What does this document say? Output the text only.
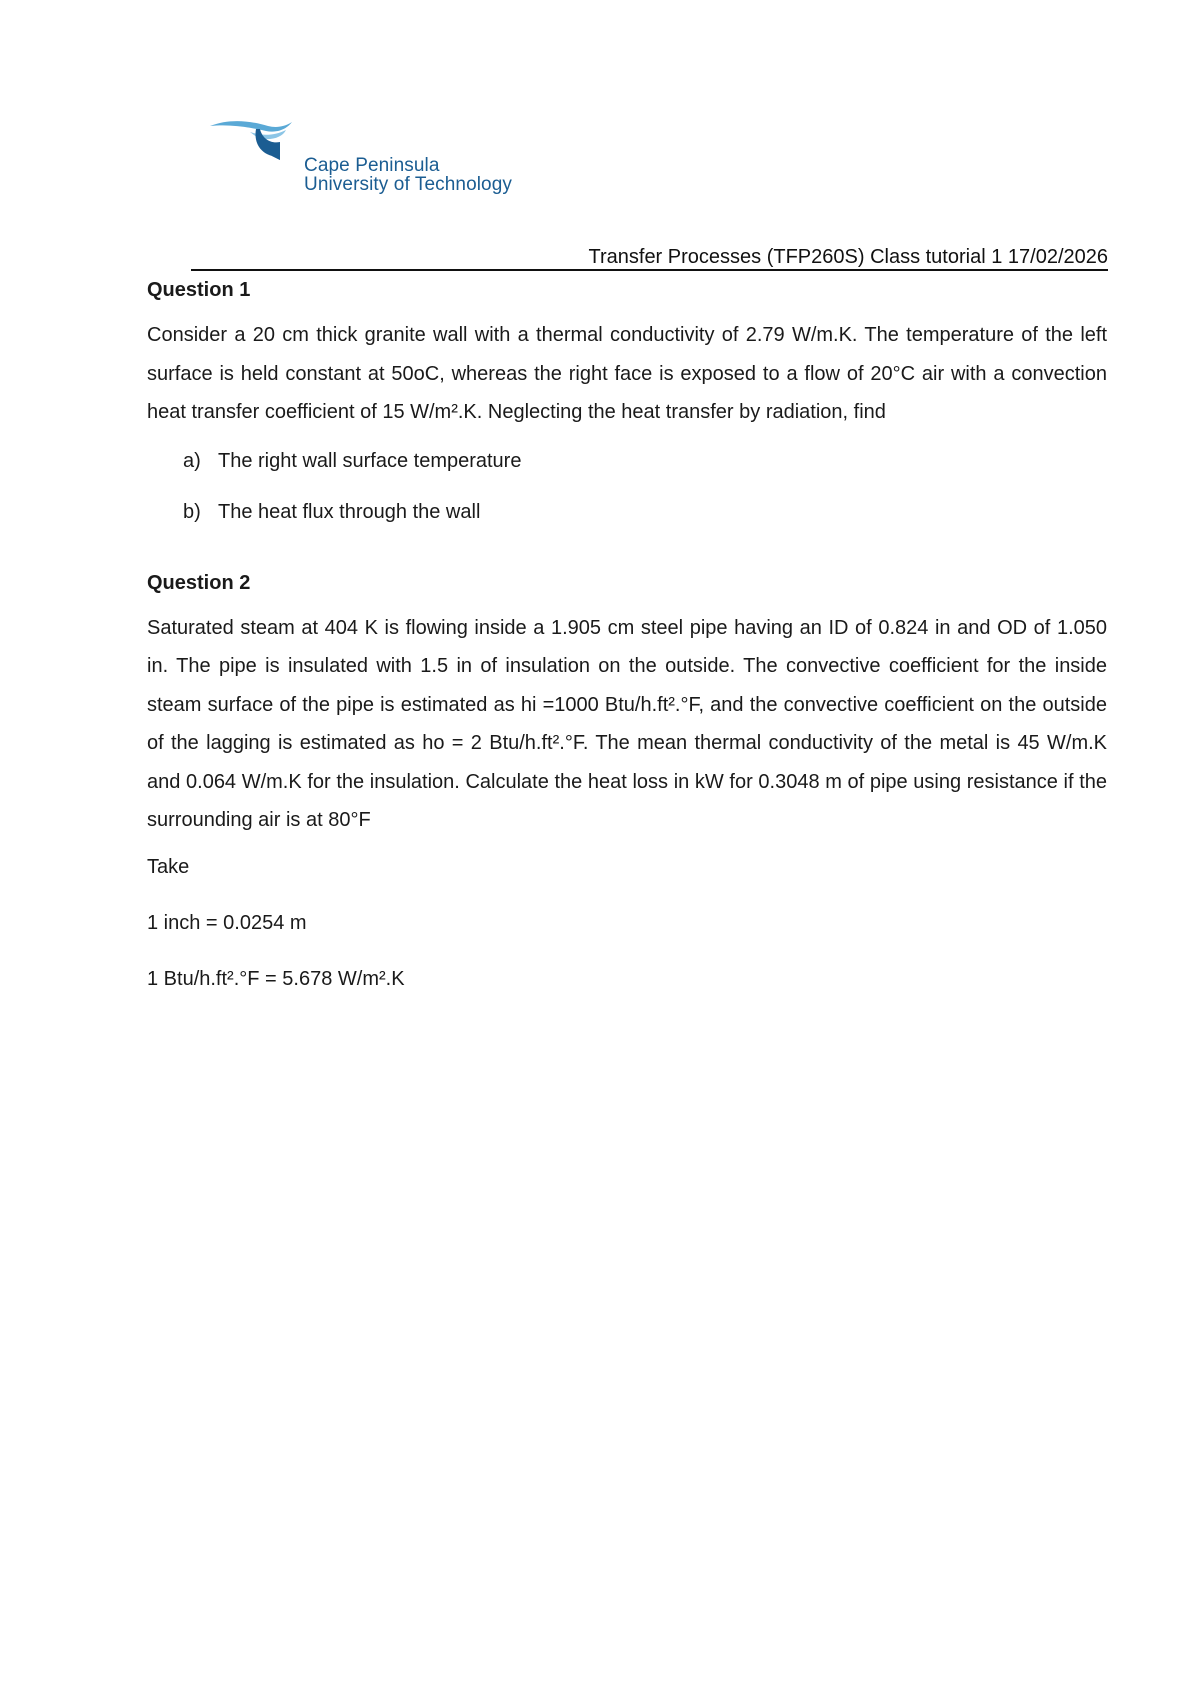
Cape Peninsula
University of Technology
Transfer Processes (TFP260S) Class tutorial 1 17/02/2026
Question 1

Consider a 20 cm thick granite wall with a thermal conductivity of 2.79 W/m.K. The temperature of the left surface is held constant at 50oC, whereas the right face is exposed to a flow of 20°C air with a convection heat transfer coefficient of 15 W/m².K. Neglecting the heat transfer by radiation, find

a) The right wall surface temperature
b) The heat flux through the wall
Question 2

Saturated steam at 404 K is flowing inside a 1.905 cm steel pipe having an ID of 0.824 in and OD of 1.050 in. The pipe is insulated with 1.5 in of insulation on the outside. The convective coefficient for the inside steam surface of the pipe is estimated as hi =1000 Btu/h.ft².°F, and the convective coefficient on the outside of the lagging is estimated as ho = 2 Btu/h.ft².°F. The mean thermal conductivity of the metal is 45 W/m.K and 0.064 W/m.K for the insulation. Calculate the heat loss in kW for 0.3048 m of pipe using resistance if the surrounding air is at 80°F

Take

1 inch = 0.0254 m

1 Btu/h.ft².°F = 5.678 W/m².K
